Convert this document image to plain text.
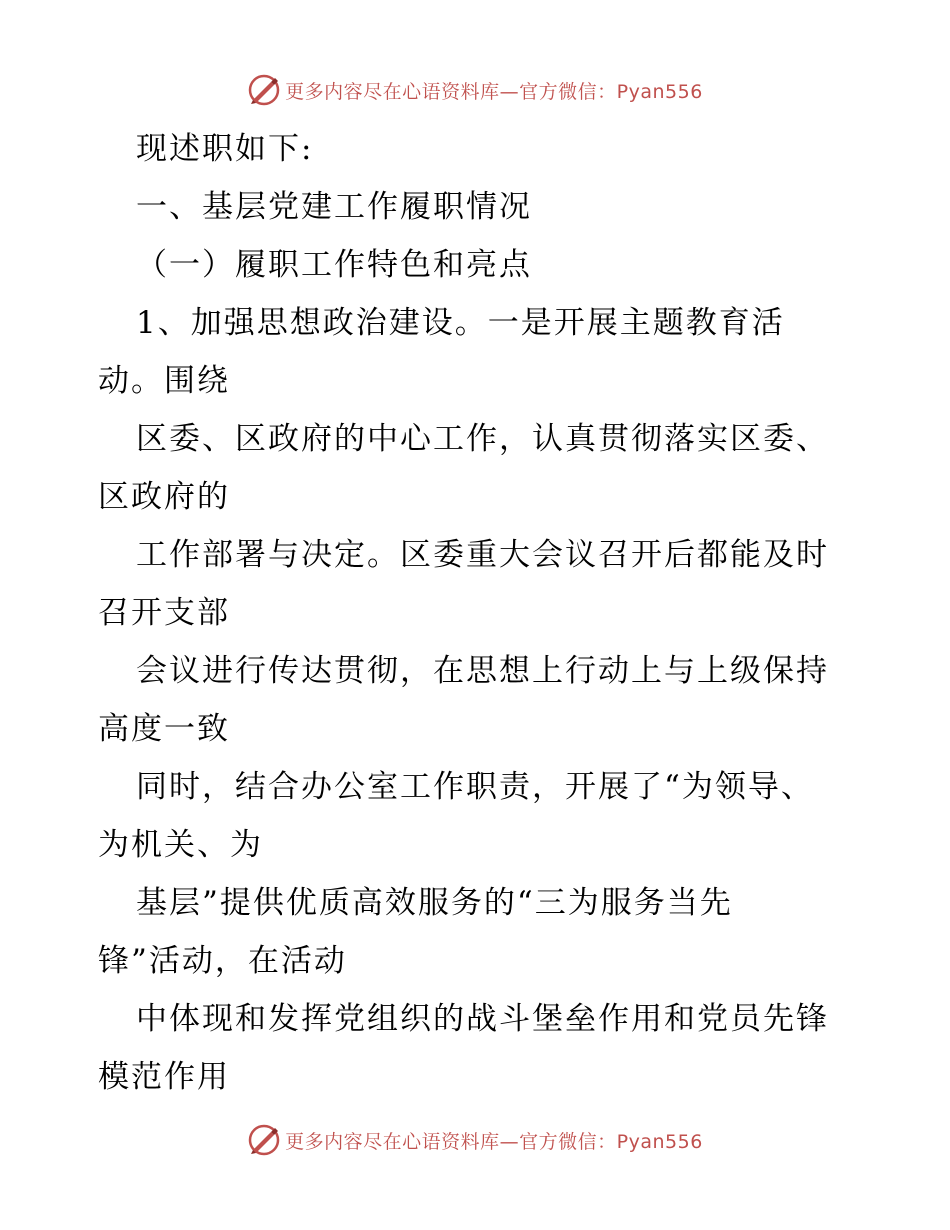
更多内容尽在心语资料库—官方微信：Pyan556
现述职如下:
一、基层党建工作履职情况
（一）履职工作特色和亮点
1、加强思想政治建设。一是开展主题教育活
动。围绕
区委、区政府的中心工作，认真贯彻落实区委、
区政府的
工作部署与决定。区委重大会议召开后都能及时
召开支部
会议进行传达贯彻，在思想上行动上与上级保持
高度一致
同时，结合办公室工作职责，开展了“为领导、
为机关、为
基层”提供优质高效服务的“三为服务当先
锋”活动，在活动
中体现和发挥党组织的战斗堡垒作用和党员先锋
模范作用
更多内容尽在心语资料库—官方微信：Pyan556
